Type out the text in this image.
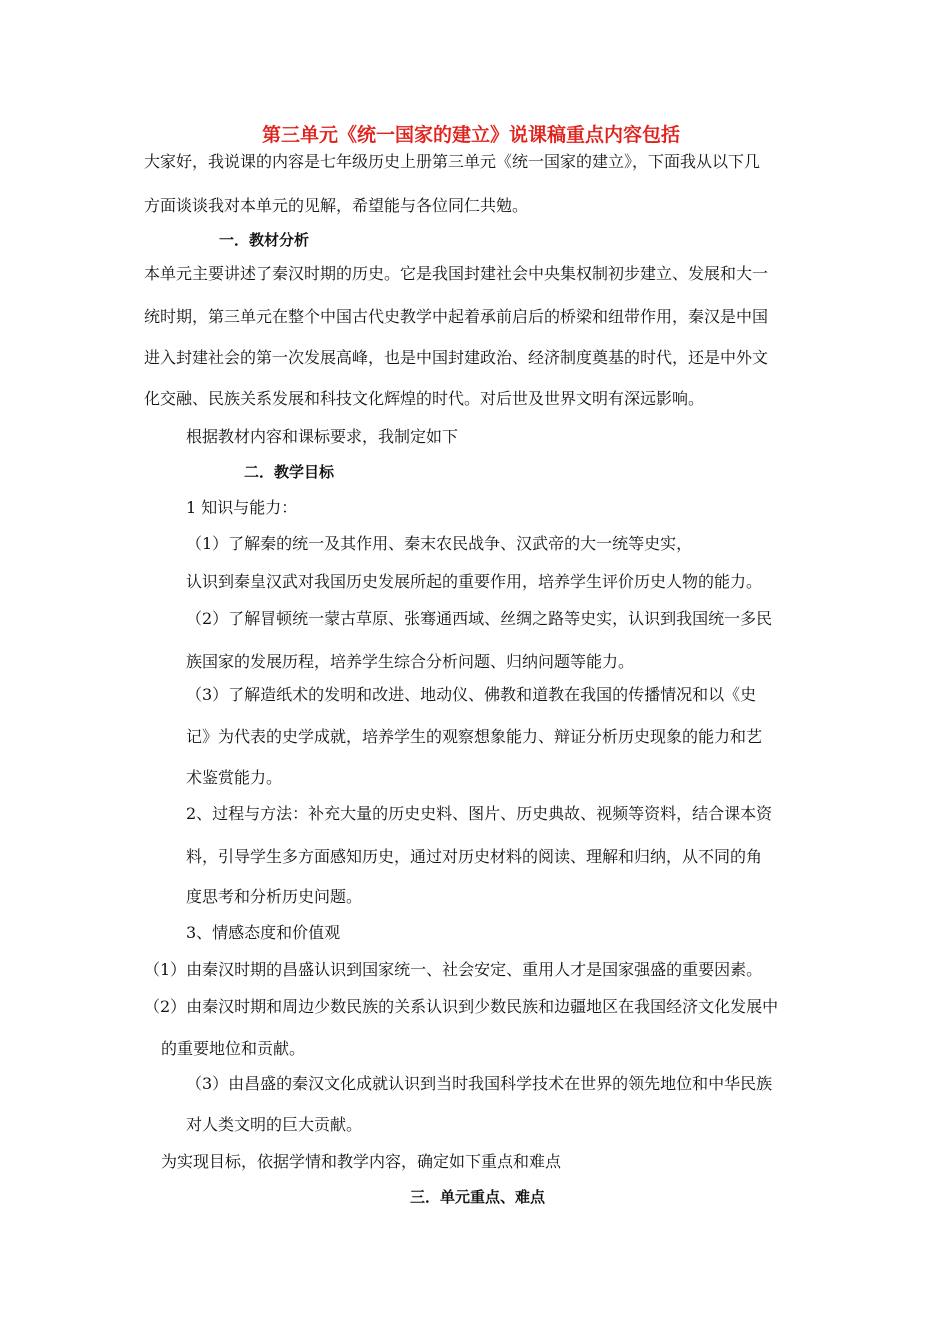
第三单元《统一国家的建立》说课稿重点内容包括
大家好，我说课的内容是七年级历史上册第三单元《统一国家的建立》，下面我从以下几
方面谈谈我对本单元的见解，希望能与各位同仁共勉。
一．教材分析
本单元主要讲述了秦汉时期的历史。它是我国封建社会中央集权制初步建立、发展和大一
统时期，第三单元在整个中国古代史教学中起着承前启后的桥梁和纽带作用，秦汉是中国
进入封建社会的第一次发展高峰，也是中国封建政治、经济制度奠基的时代，还是中外文
化交融、民族关系发展和科技文化辉煌的时代。对后世及世界文明有深远影响。
根据教材内容和课标要求，我制定如下
二．教学目标
1 知识与能力：
（1）了解秦的统一及其作用、秦末农民战争、汉武帝的大一统等史实，
认识到秦皇汉武对我国历史发展所起的重要作用，培养学生评价历史人物的能力。
（2）了解冒顿统一蒙古草原、张骞通西域、丝绸之路等史实，认识到我国统一多民
族国家的发展历程，培养学生综合分析问题、归纳问题等能力。
（3）了解造纸术的发明和改进、地动仪、佛教和道教在我国的传播情况和以《史
记》为代表的史学成就，培养学生的观察想象能力、辩证分析历史现象的能力和艺
术鉴赏能力。
2、过程与方法：补充大量的历史史料、图片、历史典故、视频等资料，结合课本资
料，引导学生多方面感知历史，通过对历史材料的阅读、理解和归纳，从不同的角
度思考和分析历史问题。
3、情感态度和价值观
（1）由秦汉时期的昌盛认识到国家统一、社会安定、重用人才是国家强盛的重要因素。
（2）由秦汉时期和周边少数民族的关系认识到少数民族和边疆地区在我国经济文化发展中
的重要地位和贡献。
（3）由昌盛的秦汉文化成就认识到当时我国科学技术在世界的领先地位和中华民族
对人类文明的巨大贡献。
为实现目标，依据学情和教学内容，确定如下重点和难点
三．单元重点、难点
